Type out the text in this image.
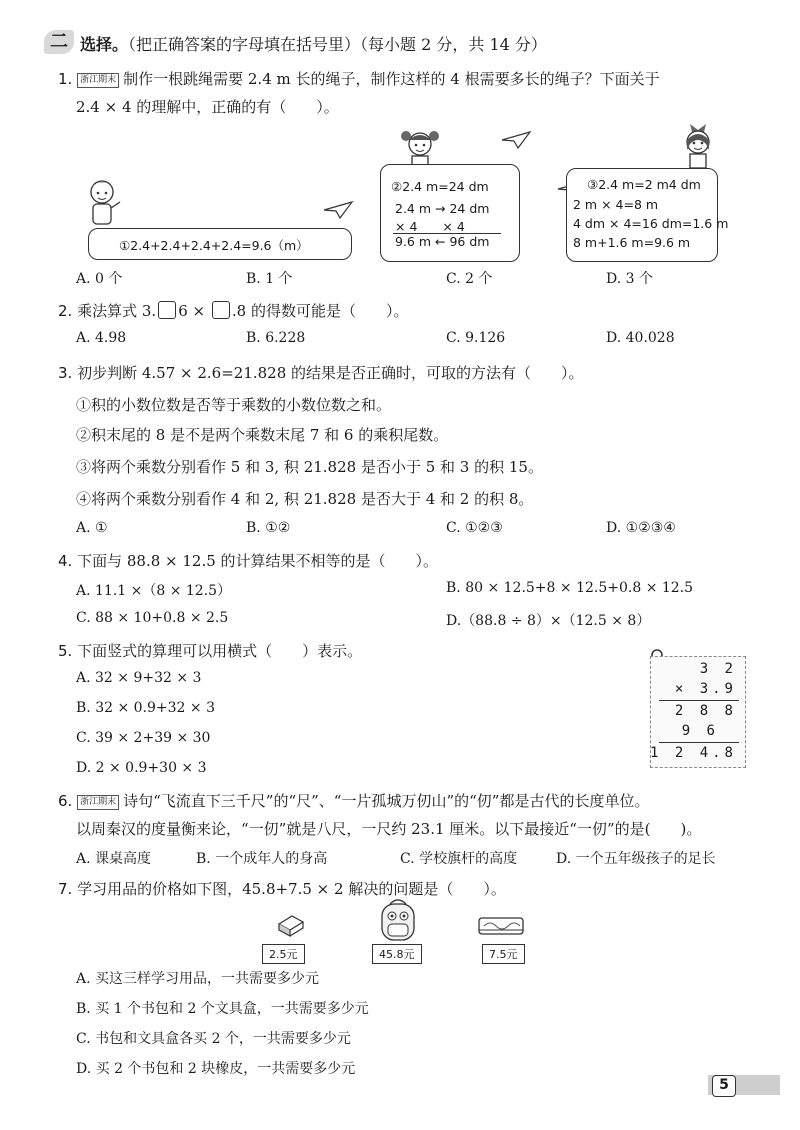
二 选择。（把正确答案的字母填在括号里）（每小题 2 分，共 14 分）
1. 浙江期末 制作一根跳绳需要 2.4 m 长的绳子，制作这样的 4 根需要多长的绳子？下面关于
2.4 × 4 的理解中，正确的有（　　）。
①2.4+2.4+2.4+2.4=9.6（m）
②2.4 m=24 dm
2.4 m → 24 dm
× 4　　× 4
9.6 m ← 96 dm
③2.4 m=2 m4 dm
2 m × 4=8 m
4 dm × 4=16 dm=1.6 m
8 m+1.6 m=9.6 m
A. 0 个	B. 1 个	C. 2 个	D. 3 个
2. 乘法算式 3. 6 × .8 的得数可能是（　　）。
A. 4.98	B. 6.228	C. 9.126	D. 40.028
3. 初步判断 4.57 × 2.6=21.828 的结果是否正确时，可取的方法有（　　）。
①积的小数位数是否等于乘数的小数位数之和。
②积末尾的 8 是不是两个乘数末尾 7 和 6 的乘积尾数。
③将两个乘数分别看作 5 和 3, 积 21.828 是否小于 5 和 3 的积 15。
④将两个乘数分别看作 4 和 2, 积 21.828 是否大于 4 和 2 的积 8。
A. ①	B. ①②	C. ①②③	D. ①②③④
4. 下面与 88.8 × 12.5 的计算结果不相等的是（　　）。
A. 11.1 ×（8 × 12.5）	B. 80 × 12.5+8 × 12.5+0.8 × 12.5
C. 88 × 10+0.8 × 2.5	D.（88.8 ÷ 8）×（12.5 × 8）
5. 下面竖式的算理可以用横式（　　）表示。
A. 32 × 9+32 × 3
B. 32 × 0.9+32 × 3
C. 39 × 2+39 × 30
D. 2 × 0.9+30 × 3
3 2
× 3.9
2 8 8
9 6
1 2 4.8
6. 浙江期末 诗句“飞流直下三千尺”的“尺”、“一片孤城万仞山”的“仞”都是古代的长度单位。
以周秦汉的度量衡来论，“一仞”就是八尺，一尺约 23.1 厘米。以下最接近“一仞”的是(　　)。
A. 课桌高度	B. 一个成年人的身高	C. 学校旗杆的高度	D. 一个五年级孩子的足长
7. 学习用品的价格如下图，45.8+7.5 × 2 解决的问题是（　　）。
2.5元	45.8元	7.5元
A. 买这三样学习用品，一共需要多少元
B. 买 1 个书包和 2 个文具盒，一共需要多少元
C. 书包和文具盒各买 2 个，一共需要多少元
D. 买 2 个书包和 2 块橡皮，一共需要多少元
5
